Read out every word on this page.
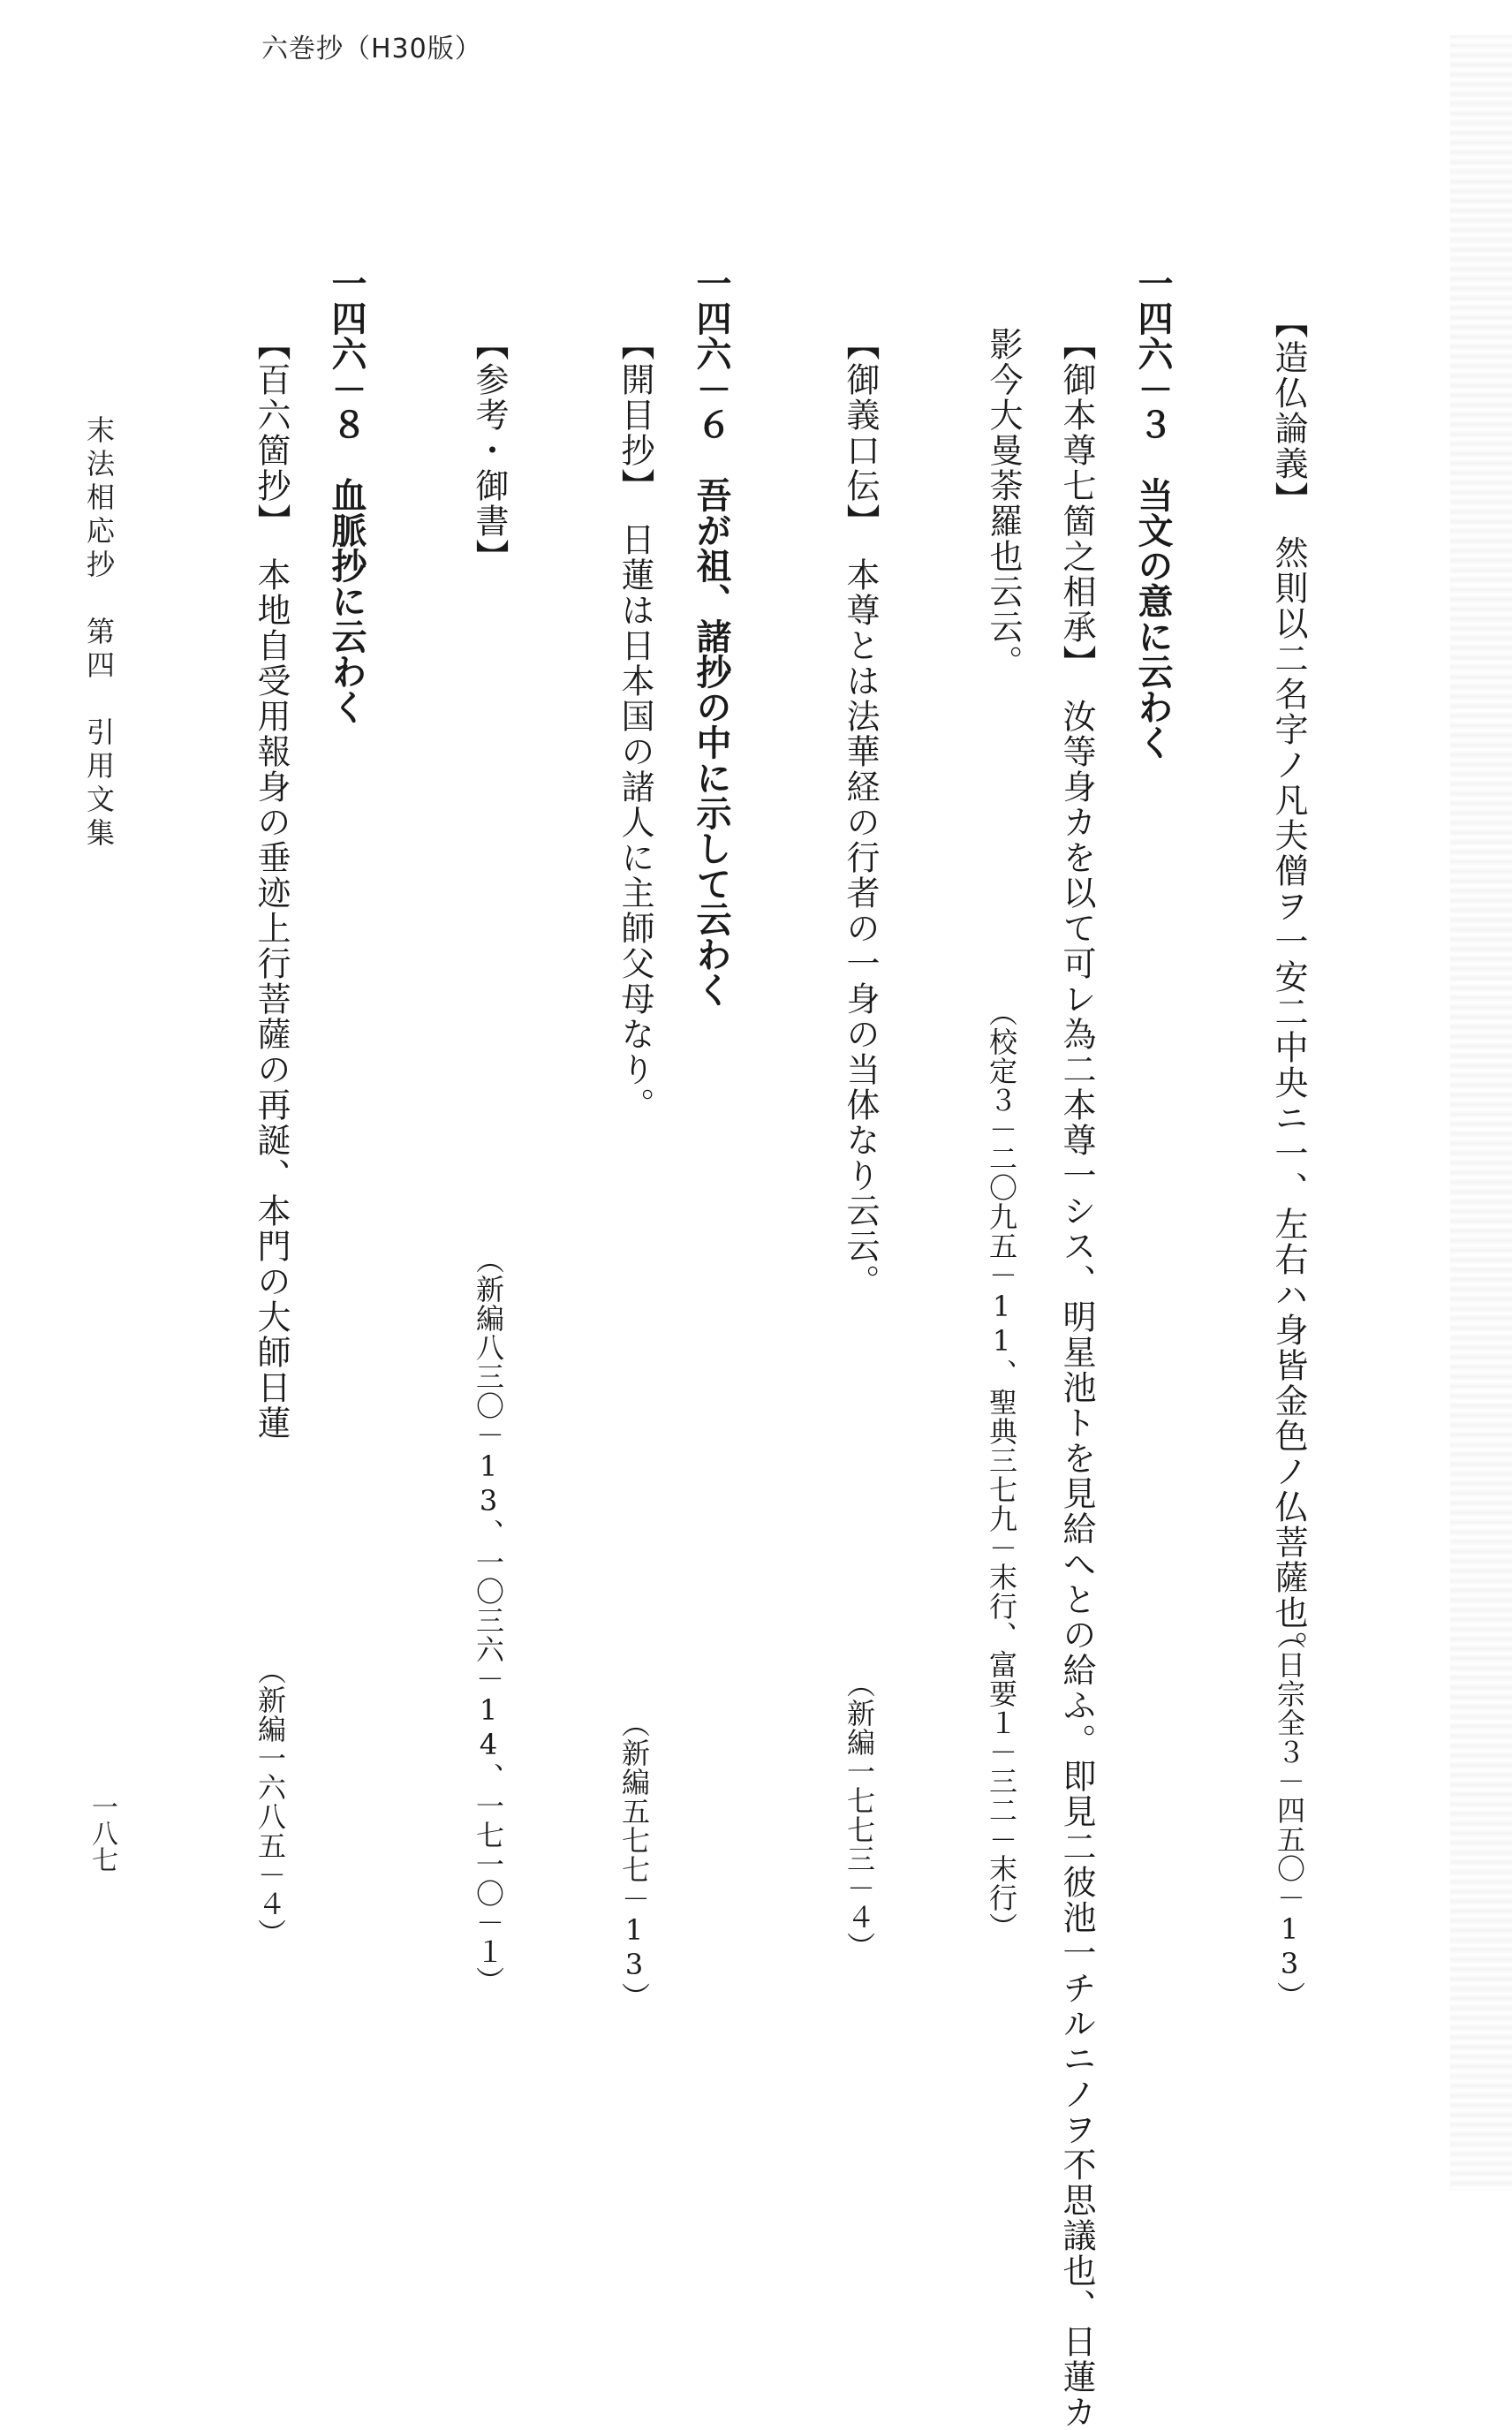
六巻抄（H30版）
【造仏論義】　然則以二名字ノ凡夫僧ヲ一安二中央ニ一、左右ハ身皆金色ノ仏菩薩也。
（日宗全３－四五〇－13）
一四六－３　当文の意に云わく
【御本尊七箇之相承】　汝等身カを以て可レ為二本尊一シス、明星池トを見給へとの給ふ。即見二彼池一チルニノヲ不思議也、日蓮カ
影今大曼荼羅也云云。
（校定３－二〇九五－11、聖典三七九－末行、富要１－三二－末行）
【御義口伝】　本尊とは法華経の行者の一身の当体なり云云。
（新編一七七三－４）
一四六－６　吾が祖、諸抄の中に示して云わく
【開目抄】　日蓮は日本国の諸人に主師父母なり。
（新編五七七－13）
【参考・御書】
（新編八三〇－13、一〇三六－14、一七一〇－１）
一四六－８　血脈抄に云わく
【百六箇抄】　本地自受用報身の垂迹上行菩薩の再誕、本門の大師日蓮
（新編一六八五－４）
末法相応抄　第四　引用文集
一八七
